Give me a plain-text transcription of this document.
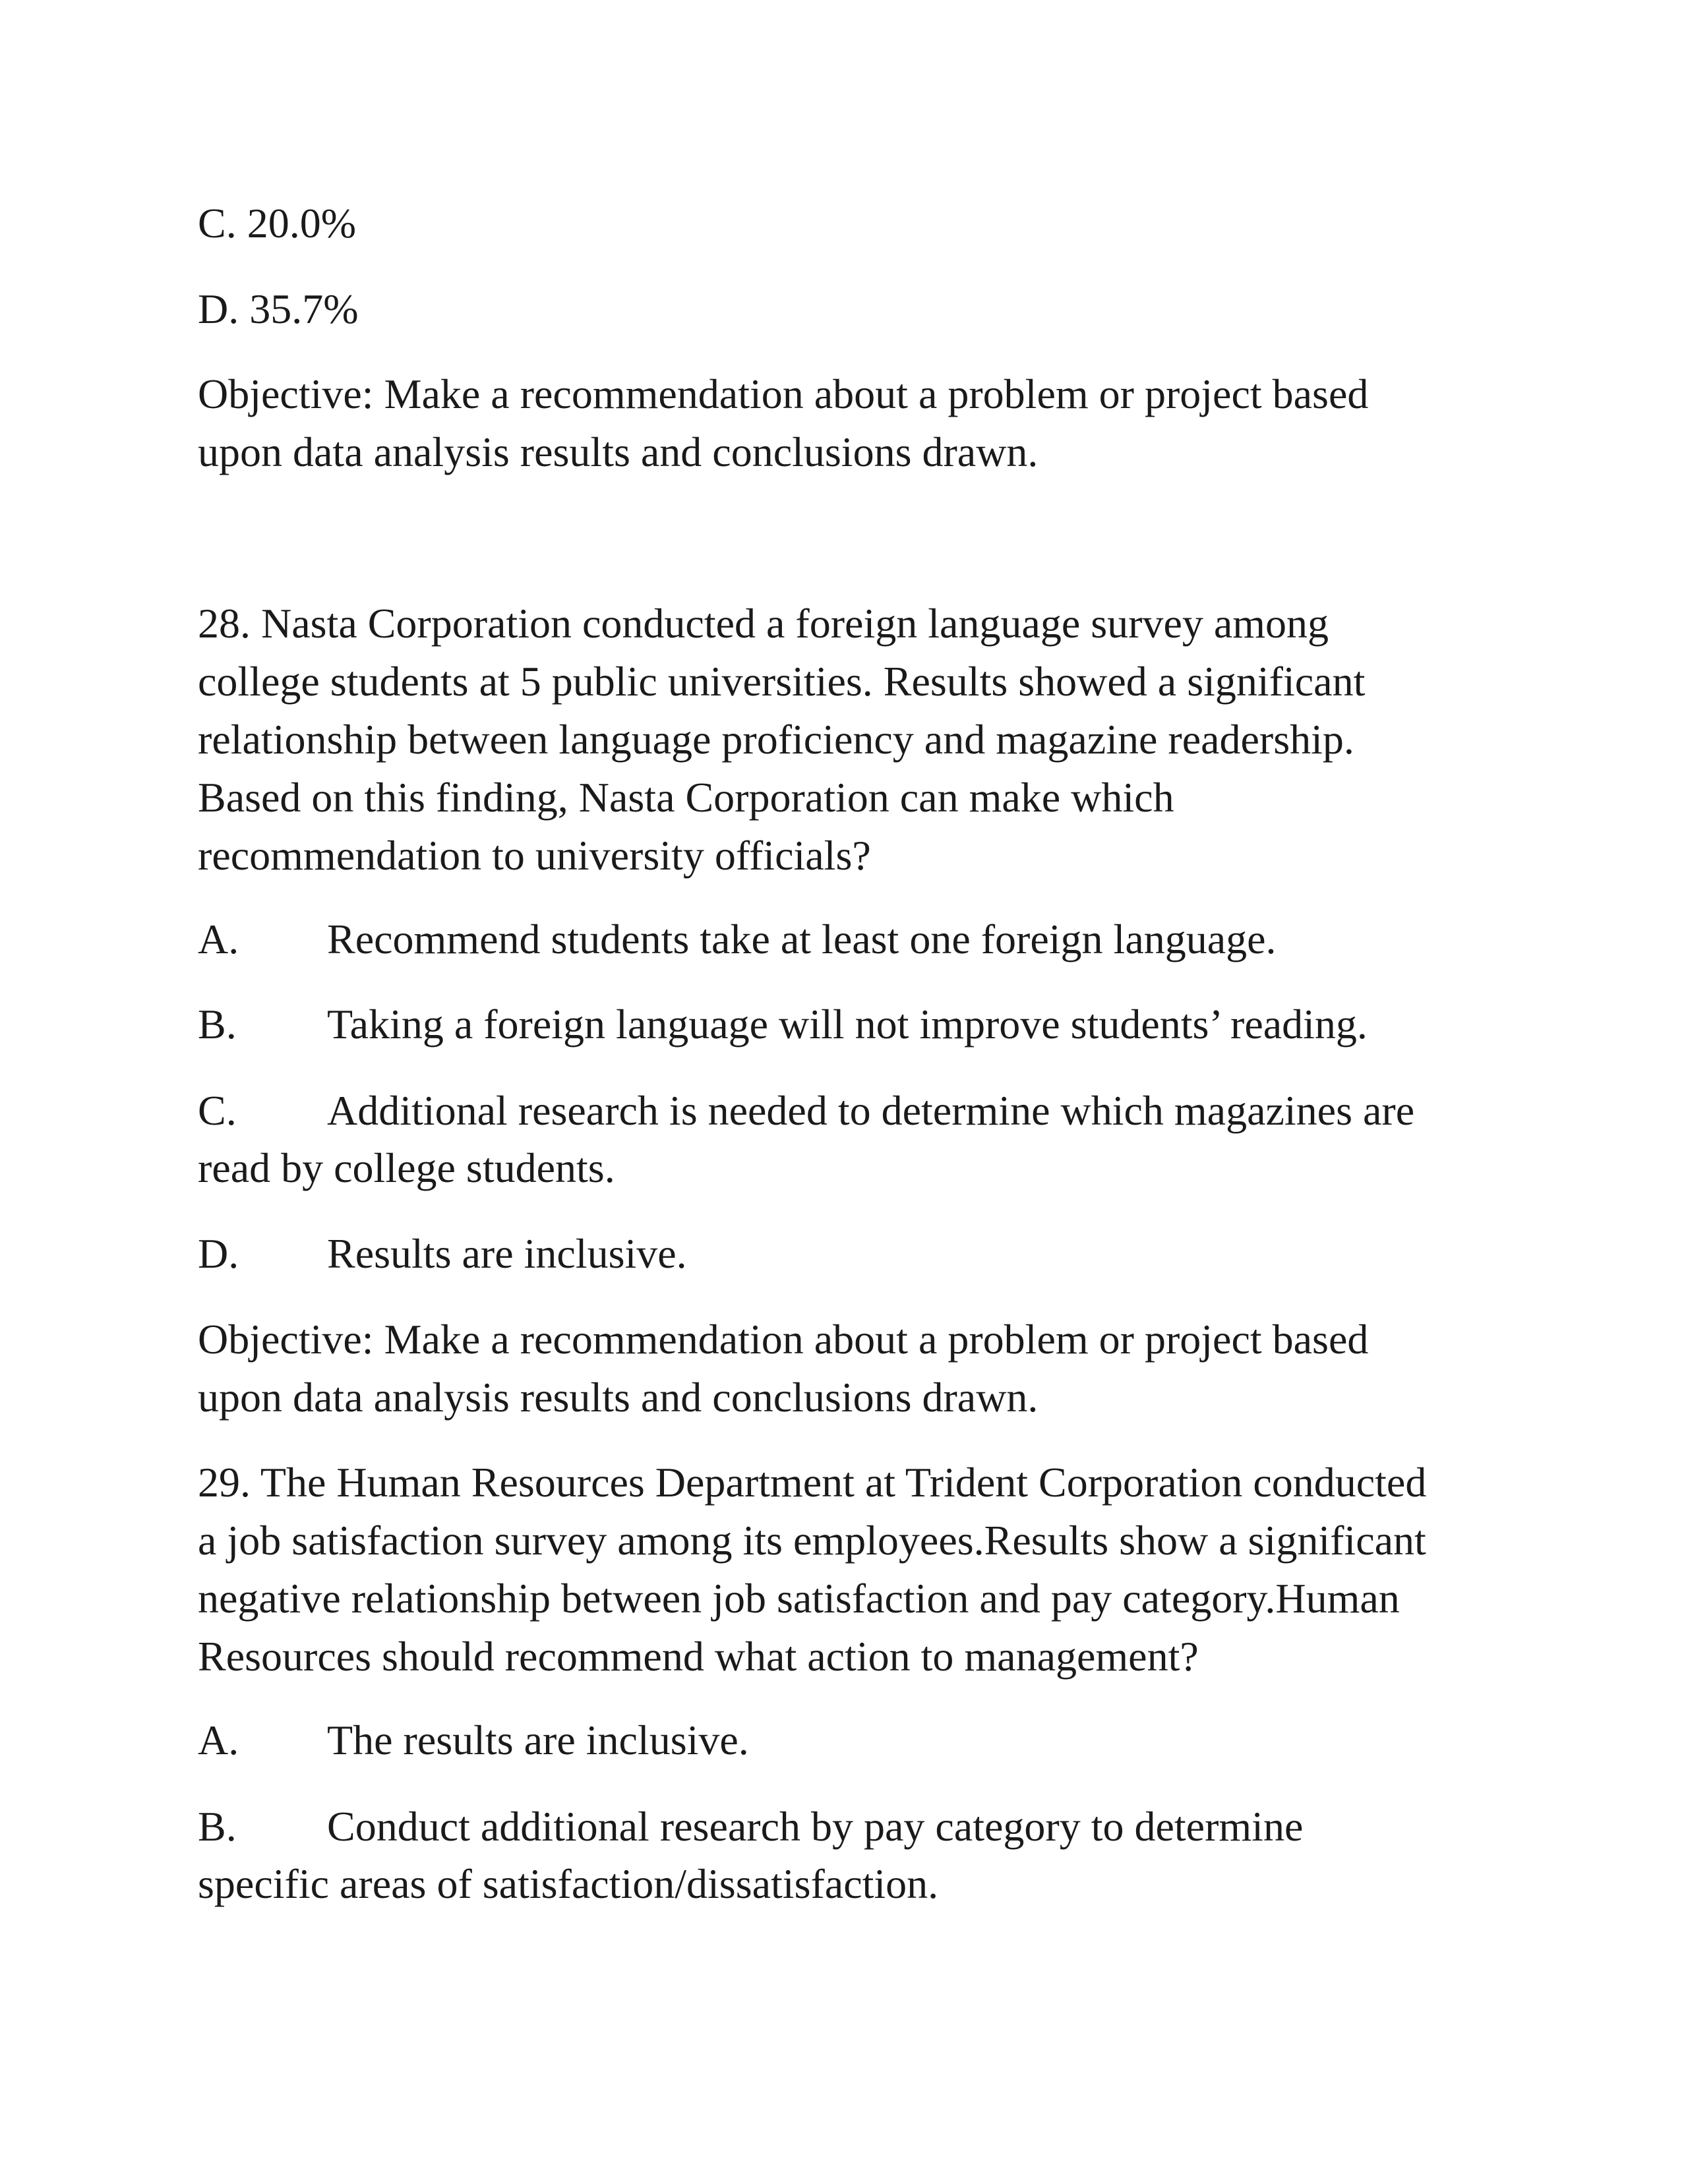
C. 20.0%
D. 35.7%
Objective: Make a recommendation about a problem or project based
upon data analysis results and conclusions drawn.
28. Nasta Corporation conducted a foreign language survey among
college students at 5 public universities. Results showed a significant
relationship between language proficiency and magazine readership.
Based on this finding, Nasta Corporation can make which
recommendation to university officials?
A. Recommend students take at least one foreign language.
B. Taking a foreign language will not improve students’ reading.
C. Additional research is needed to determine which magazines are
read by college students.
D. Results are inclusive.
Objective: Make a recommendation about a problem or project based
upon data analysis results and conclusions drawn.
29. The Human Resources Department at Trident Corporation conducted
a job satisfaction survey among its employees.Results show a significant
negative relationship between job satisfaction and pay category.Human
Resources should recommend what action to management?
A. The results are inclusive.
B. Conduct additional research by pay category to determine
specific areas of satisfaction/dissatisfaction.
